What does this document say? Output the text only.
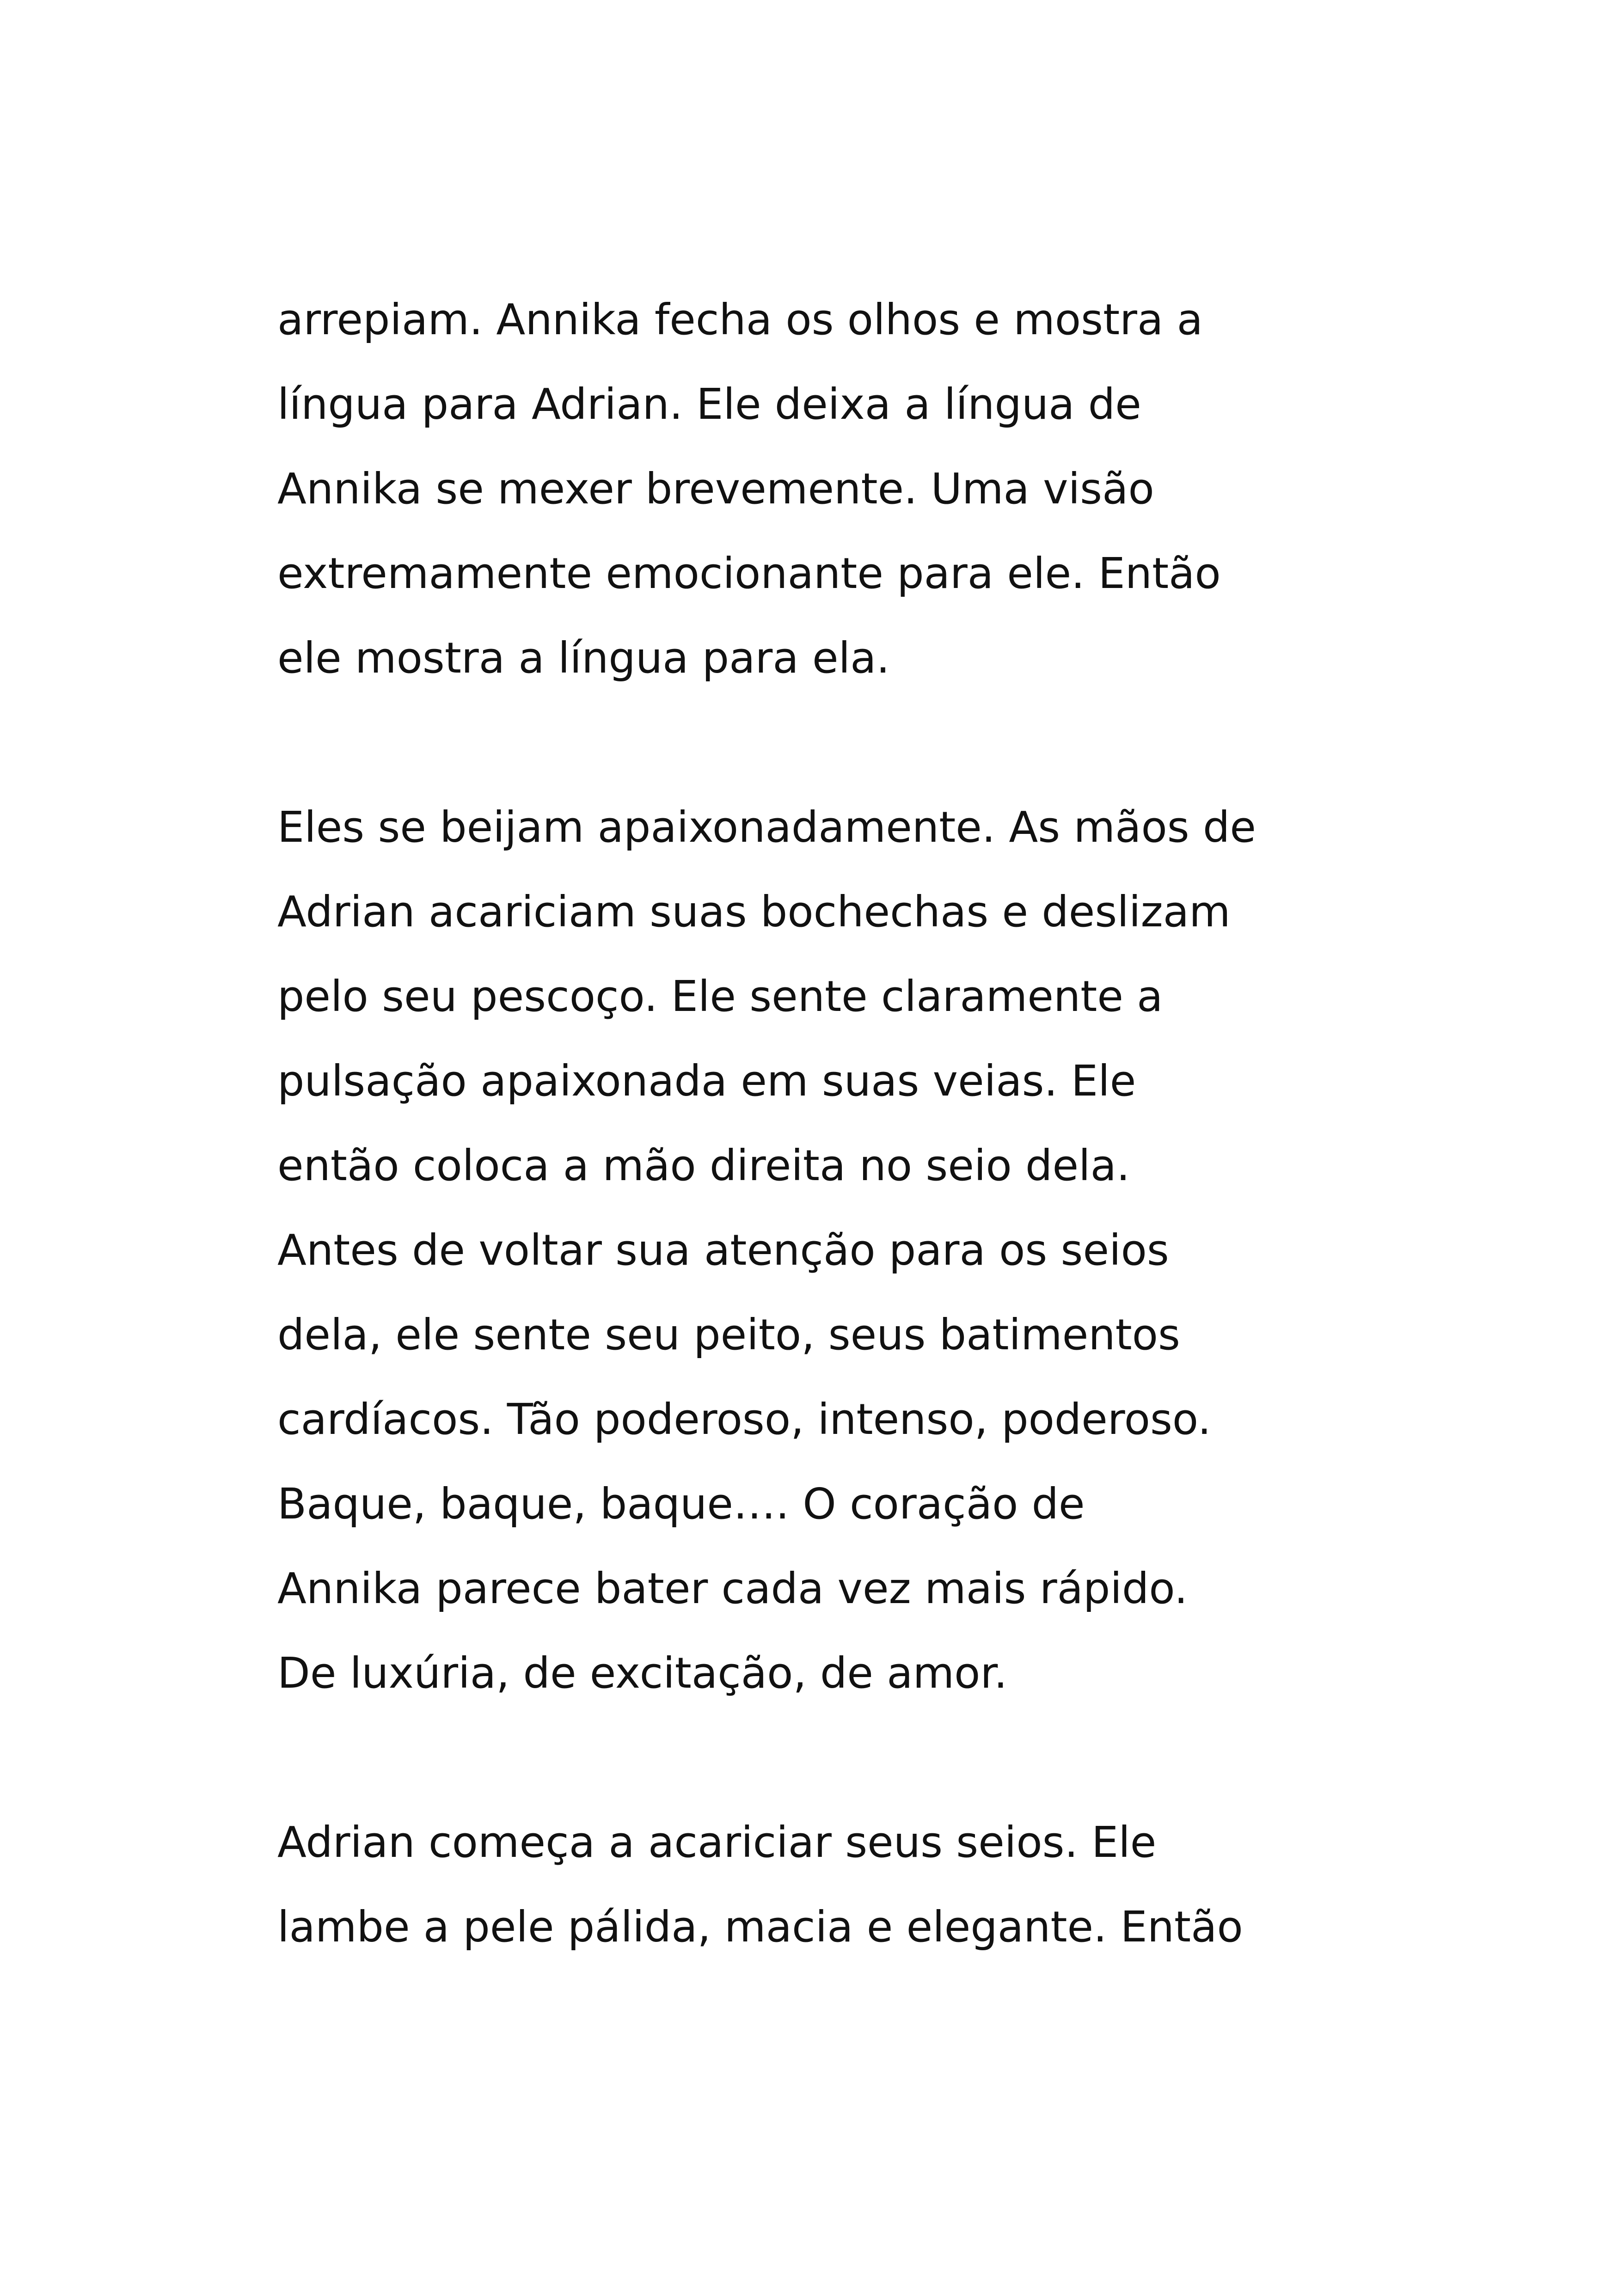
arrepiam. Annika fecha os olhos e mostra a
língua para Adrian. Ele deixa a língua de
Annika se mexer brevemente. Uma visão
extremamente emocionante para ele. Então
ele mostra a língua para ela.

Eles se beijam apaixonadamente. As mãos de
Adrian acariciam suas bochechas e deslizam
pelo seu pescoço. Ele sente claramente a
pulsação apaixonada em suas veias. Ele
então coloca a mão direita no seio dela.
Antes de voltar sua atenção para os seios
dela, ele sente seu peito, seus batimentos
cardíacos. Tão poderoso, intenso, poderoso.
Baque, baque, baque…. O coração de
Annika parece bater cada vez mais rápido.
De luxúria, de excitação, de amor.

Adrian começa a acariciar seus seios. Ele
lambe a pele pálida, macia e elegante. Então
